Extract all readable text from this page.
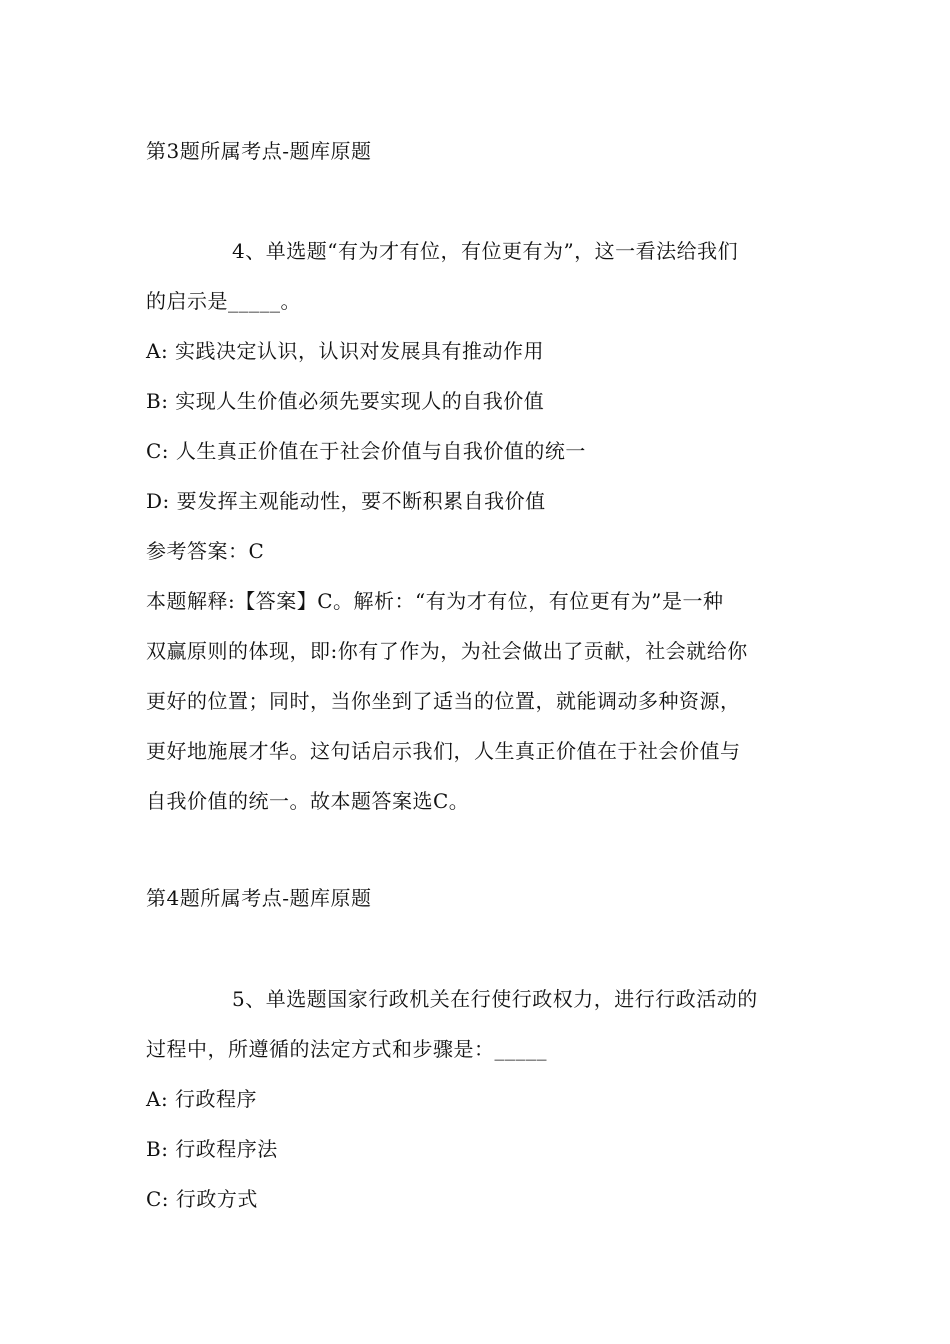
第3题所属考点-题库原题
4、单选题“有为才有位，有位更有为”，这一看法给我们
的启示是_____。
A: 实践决定认识，认识对发展具有推动作用
B: 实现人生价值必须先要实现人的自我价值
C: 人生真正价值在于社会价值与自我价值的统一
D: 要发挥主观能动性，要不断积累自我价值
参考答案：C
本题解释:【答案】C。解析：“有为才有位，有位更有为”是一种
双赢原则的体现，即:你有了作为，为社会做出了贡献，社会就给你
更好的位置；同时，当你坐到了适当的位置，就能调动多种资源，
更好地施展才华。这句话启示我们，人生真正价值在于社会价值与
自我价值的统一。故本题答案选C。
第4题所属考点-题库原题
5、单选题国家行政机关在行使行政权力，进行行政活动的
过程中，所遵循的法定方式和步骤是：_____
A: 行政程序
B: 行政程序法
C: 行政方式
